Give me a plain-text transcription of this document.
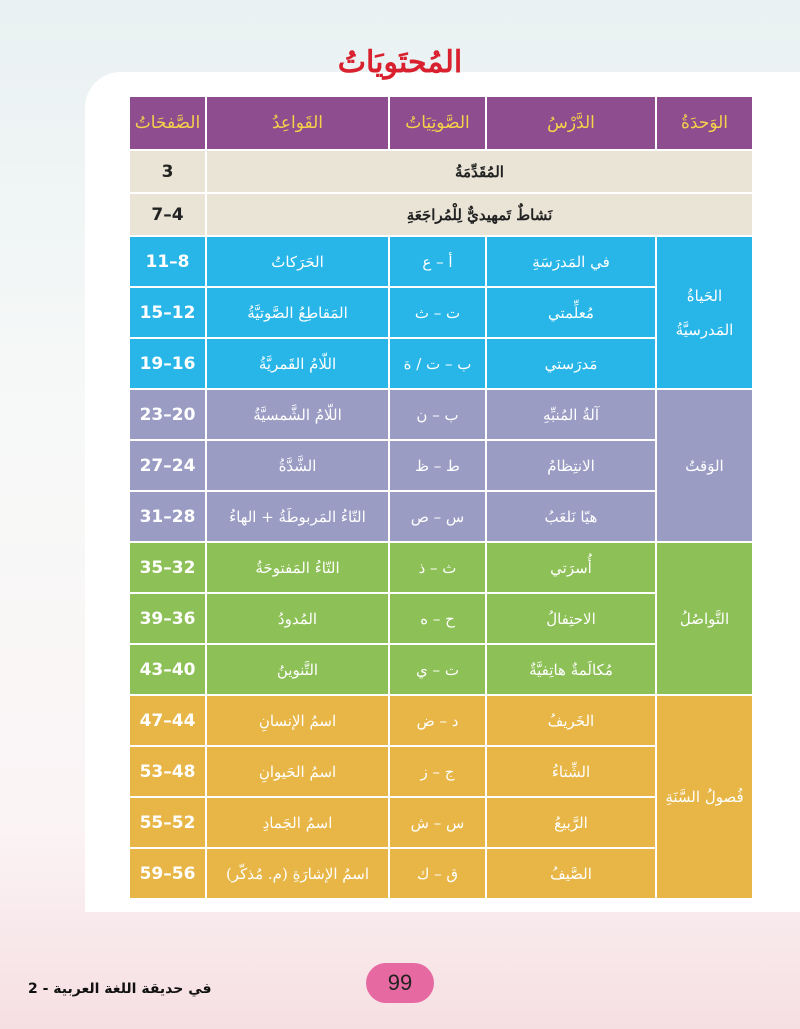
المُحتَويَاتُ
الوَحدَةُ	الدَّرْسُ	الصَّوتِيَاتُ	القَواعِدُ	الصَّفحَاتُ
المُقَدِّمَةُ				3
نَشاطٌ تَمهيديٌّ لِلْمُراجَعَةِ				7–4
الحَياةُ المَدرسيَّةُ	في المَدرَسَةِ	أ – ع	الحَرَكاتُ	11–8
	مُعلِّمتي	ت – ث	المَقاطِعُ الصَّوتيَّةُ	15–12
	مَدرَستي	ب – ت / ة	اللّامُ القَمريَّةُ	19–16
الوَقتُ	آلةُ المُنبِّهِ	ب – ن	اللّامُ الشَّمسيَّةُ	23–20
	الانتِظامُ	ط – ظ	الشَّدَّةُ	27–24
	هيّا نَلعَبُ	س – ص	التّاءُ المَربوطَةُ + الهاءُ	31–28
التَّواصُلُ	أُسرَتي	ث – ذ	التّاءُ المَفتوحَةُ	35–32
	الاحتِفالُ	ح – ه	المُدودُ	39–36
	مُكالَمةٌ هاتِفيَّةٌ	ت – ي	التَّنوينُ	43–40
فُصولُ السَّنَةِ	الخَريفُ	د – ض	اسمُ الإنسانِ	47–44
	الشِّتاءُ	ج – ز	اسمُ الحَيوانِ	53–48
	الرَّبيعُ	س – ش	اسمُ الجَمادِ	55–52
	الصَّيفُ	ق – ك	اسمُ الإشارَةِ (م. مُذكّر)	59–56
99
في حديقة اللغة العربية - 2
